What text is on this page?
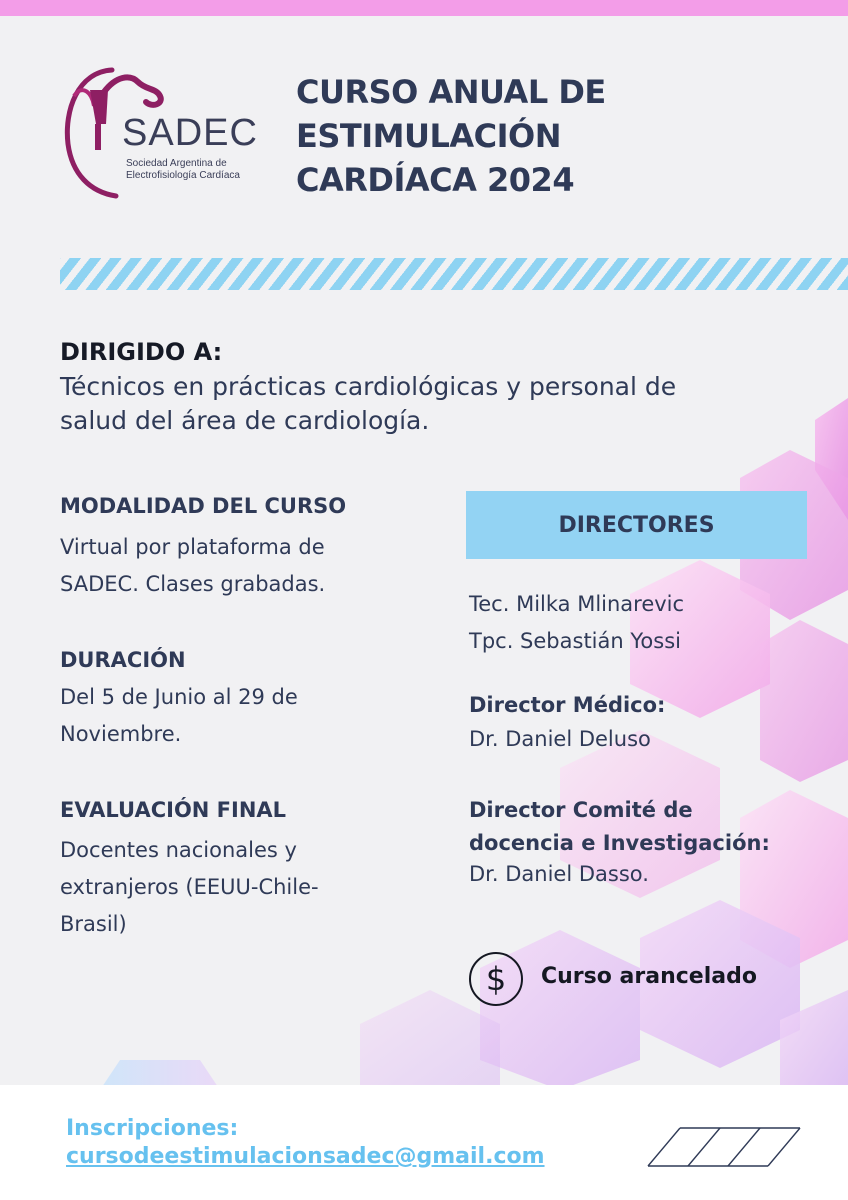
SADEC
Sociedad Argentina de
Electrofisiología Cardíaca
CURSO ANUAL DE
ESTIMULACIÓN
CARDÍACA 2024
DIRIGIDO A:
Técnicos en prácticas cardiológicas y personal de
salud del área de cardiología.
MODALIDAD DEL CURSO
Virtual por plataforma de
SADEC. Clases grabadas.
DURACIÓN
Del 5 de Junio al 29 de
Noviembre.
EVALUACIÓN FINAL
Docentes nacionales y
extranjeros (EEUU-Chile-
Brasil)
DIRECTORES
Tec. Milka Mlinarevic
Tpc. Sebastián Yossi
Director Médico:
Dr. Daniel Deluso
Director Comité de
docencia e Investigación:
Dr. Daniel Dasso.
$ Curso arancelado
Inscripciones:
cursodeestimulacionsadec@gmail.com
